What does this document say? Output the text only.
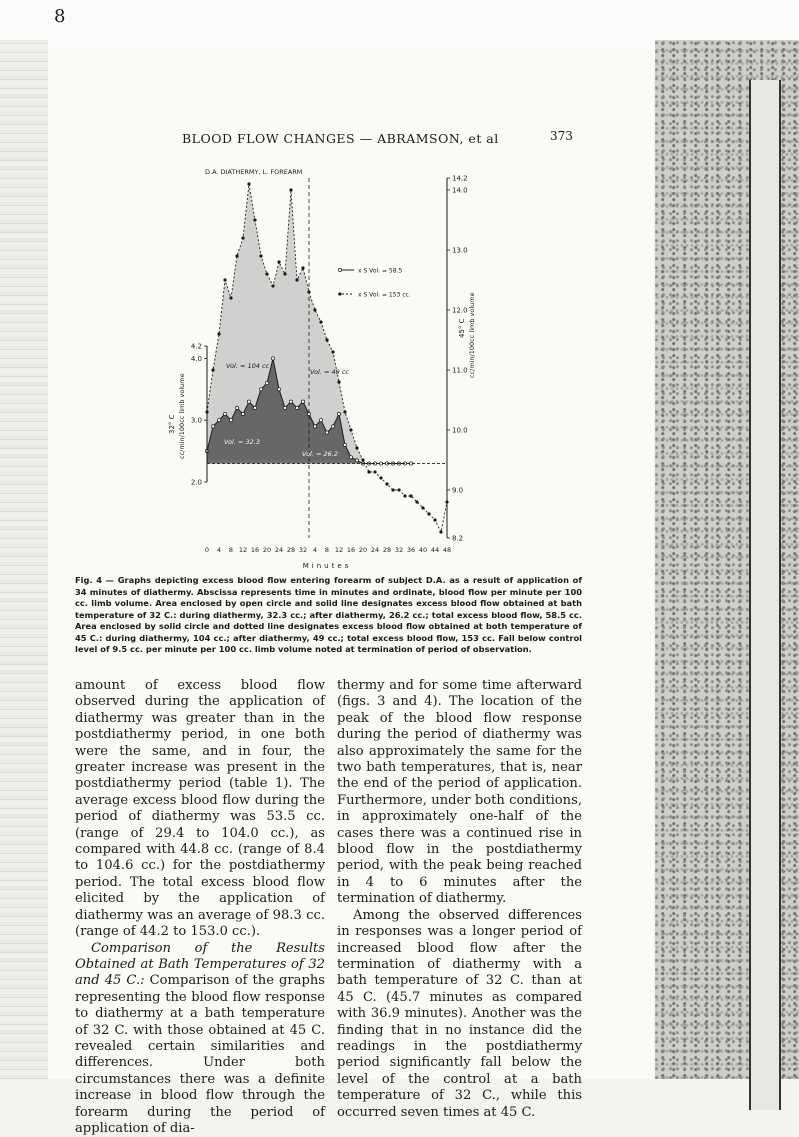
8
BLOOD FLOW CHANGES — ABRAMSON, et al	373
D.A. DIATHERMY, L. FOREARM
2.0
3.0
4.0
4.2
cc/min/100cc limb volume
32° C
8.2
9.0
10.0
11.0
12.0
13.0
14.0
14.2
cc/min/100cc limb volume
45° C
0 4 8 12 16 20 24 28 32 4 8 12 16 20 24 28 32 36 40 44 48
Minutes
x S Vol. = 58.5
x S Vol. = 153 cc.
Vol. = 104 cc
Vol. = 49 cc
Vol. = 32.3
Vol. = 26.2
Fig. 4 — Graphs depicting excess blood flow entering forearm of subject D.A. as a result of application of 34 minutes of diathermy. Abscissa represents time in minutes and ordinate, blood flow per minute per 100 cc. limb volume. Area enclosed by open circle and solid line designates excess blood flow obtained at bath temperature of 32 C.: during diathermy, 32.3 cc.; after diathermy, 26.2 cc.; total excess blood flow, 58.5 cc. Area enclosed by solid circle and dotted line designates excess blood flow obtained at both temperature of 45 C.: during diathermy, 104 cc.; after diathermy, 49 cc.; total excess blood flow, 153 cc. Fall below control level of 9.5 cc. per minute per 100 cc. limb volume noted at termination of period of observation.

amount of excess blood flow observed during the application of diathermy was greater than in the postdiathermy period, in one both were the same, and in four, the greater increase was present in the postdiathermy period (table 1). The average excess blood flow during the period of diathermy was 53.5 cc. (range of 29.4 to 104.0 cc.), as compared with 44.8 cc. (range of 8.4 to 104.6 cc.) for the postdiathermy period. The total excess blood flow elicited by the application of diathermy was an average of 98.3 cc. (range of 44.2 to 153.0 cc.).

Comparison of the Results Obtained at Bath Temperatures of 32 and 45 C.: Comparison of the graphs representing the blood flow response to diathermy at a bath temperature of 32 C. with those obtained at 45 C. revealed certain similarities and differences. Under both circumstances there was a definite increase in blood flow through the forearm during the period of application of dia-

thermy and for some time afterward (figs. 3 and 4). The location of the peak of the blood flow response during the period of diathermy was also approximately the same for the two bath temperatures, that is, near the end of the period of application. Furthermore, under both conditions, in approximately one-half of the cases there was a continued rise in blood flow in the postdiathermy period, with the peak being reached in 4 to 6 minutes after the termination of diathermy.

Among the observed differences in responses was a longer period of increased blood flow after the termination of diathermy with a bath temperature of 32 C. than at 45 C. (45.7 minutes as compared with 36.9 minutes). Another was the finding that in no instance did the readings in the postdiathermy period significantly fall below the level of the control at a bath temperature of 32 C., while this occurred seven times at 45 C.
